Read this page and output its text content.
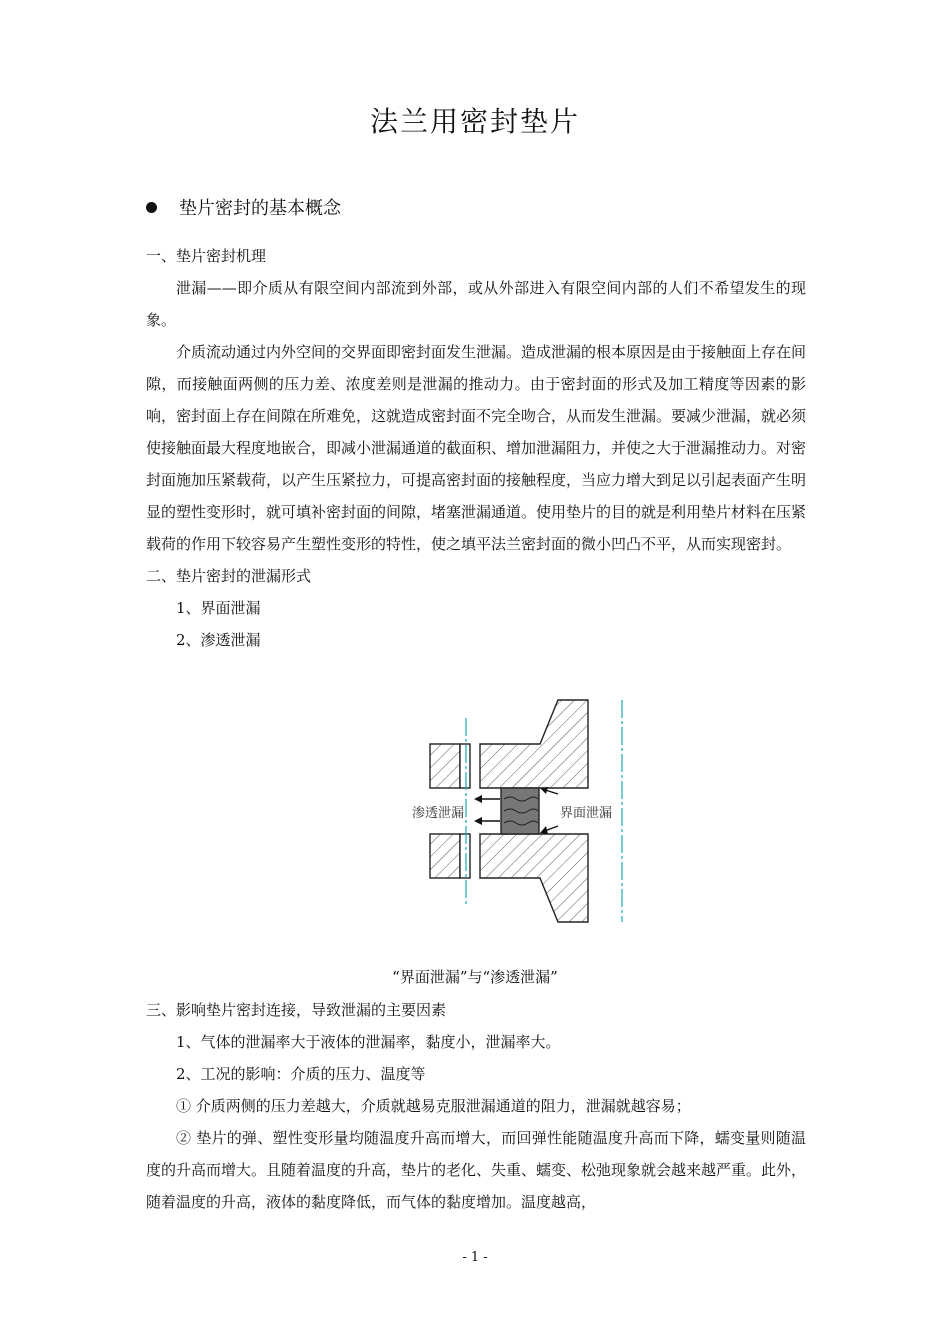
法兰用密封垫片
垫片密封的基本概念

一、垫片密封机理

泄漏——即介质从有限空间内部流到外部，或从外部进入有限空间内部的人们不希望发生的现象。

介质流动通过内外空间的交界面即密封面发生泄漏。造成泄漏的根本原因是由于接触面上存在间隙，而接触面两侧的压力差、浓度差则是泄漏的推动力。由于密封面的形式及加工精度等因素的影响，密封面上存在间隙在所难免，这就造成密封面不完全吻合，从而发生泄漏。要减少泄漏，就必须使接触面最大程度地嵌合，即减小泄漏通道的截面积、增加泄漏阻力，并使之大于泄漏推动力。对密封面施加压紧载荷，以产生压紧拉力，可提高密封面的接触程度，当应力增大到足以引起表面产生明显的塑性变形时，就可填补密封面的间隙，堵塞泄漏通道。使用垫片的目的就是利用垫片材料在压紧载荷的作用下较容易产生塑性变形的特性，使之填平法兰密封面的微小凹凸不平，从而实现密封。

二、垫片密封的泄漏形式

1、界面泄漏

2、渗透泄漏

渗透泄漏	界面泄漏
“界面泄漏”与“渗透泄漏”

三、影响垫片密封连接，导致泄漏的主要因素

1、气体的泄漏率大于液体的泄漏率，黏度小，泄漏率大。

2、工况的影响：介质的压力、温度等

① 介质两侧的压力差越大，介质就越易克服泄漏通道的阻力，泄漏就越容易；

② 垫片的弹、塑性变形量均随温度升高而增大，而回弹性能随温度升高而下降，蠕变量则随温度的升高而增大。且随着温度的升高，垫片的老化、失重、蠕变、松弛现象就会越来越严重。此外，随着温度的升高，液体的黏度降低，而气体的黏度增加。温度越高，

- 1 -
